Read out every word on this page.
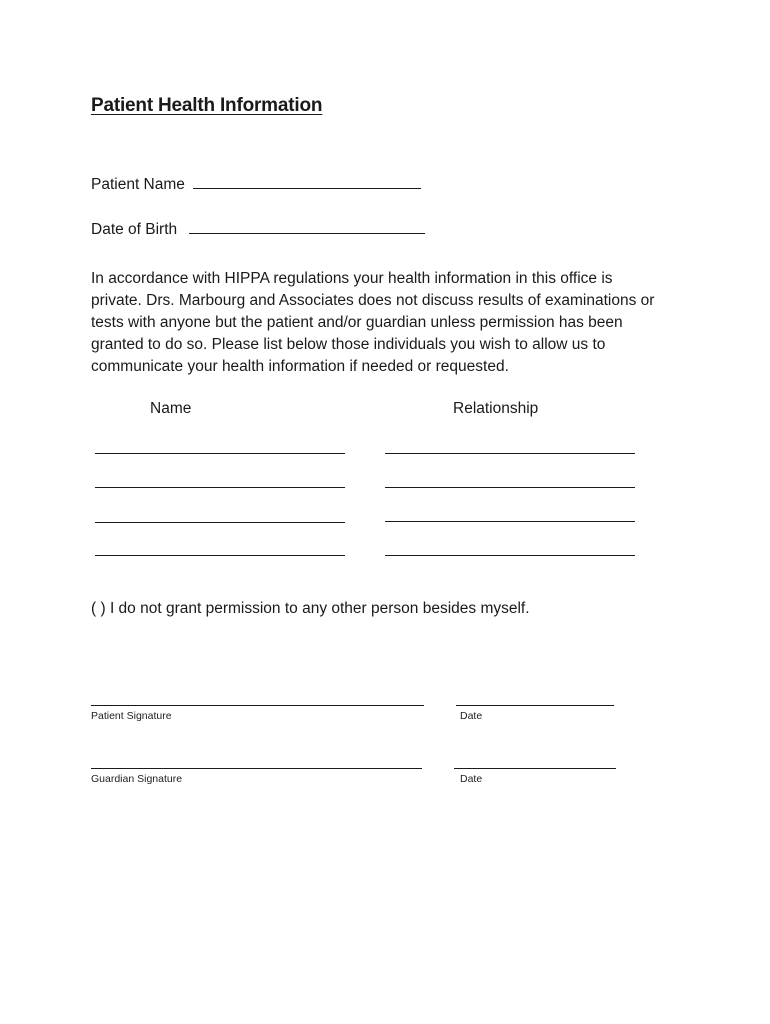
Patient Health Information
Patient Name
Date of Birth
In accordance with HIPPA regulations your health information in this office is
private. Drs. Marbourg and Associates does not discuss results of examinations or
tests with anyone but the patient and/or guardian unless permission has been
granted to do so. Please list below those individuals you wish to allow us to
communicate your health information if needed or requested.
Name	Relationship
( ) I do not grant permission to any other person besides myself.
Patient Signature	Date
Guardian Signature	Date
